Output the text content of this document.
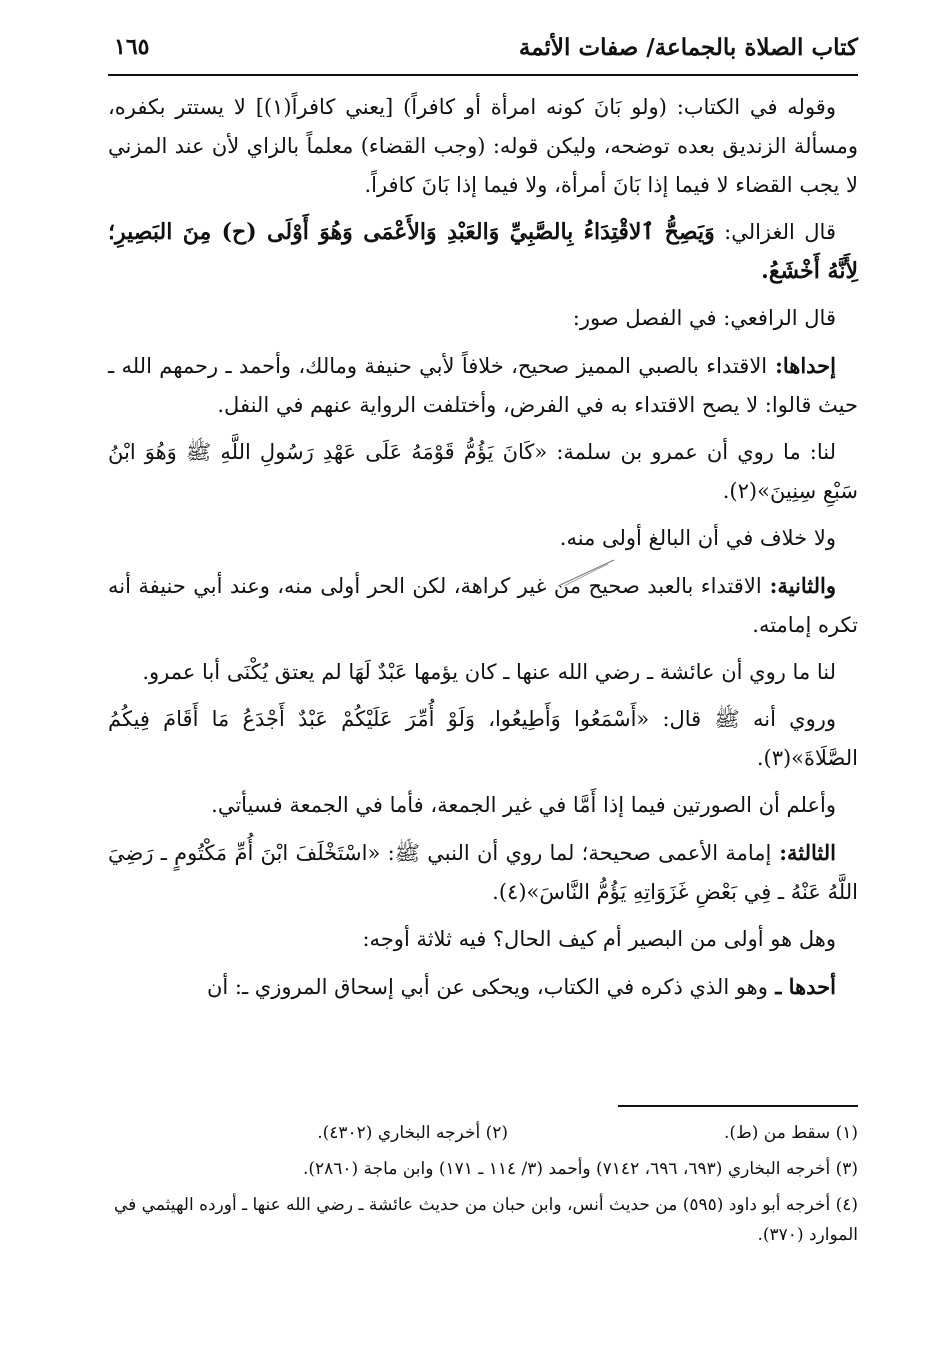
كتاب الصلاة بالجماعة/ صفات الأئمة
١٦٥

وقوله في الكتاب: (ولو بَانَ كونه امرأة أو كافراً) [يعني كافراً(١)] لا يستتر بكفره، ومسألة الزنديق بعده توضحه، وليكن قوله: (وجب القضاء) معلماً بالزاي لأن عند المزني لا يجب القضاء لا فيما إذا بَانَ أمرأة، ولا فيما إذا بَانَ كافراً.

قال الغزالي: وَيَصِحُّ ٱلاقْتِدَاءُ بِالصَّبِيِّ وَالعَبْدِ وَالأَعْمَى وَهُوَ أَوْلَى (ح) مِنَ البَصِيرِ؛ لِأَنَّهُ أَخْشَعُ.

قال الرافعي: في الفصل صور:

إحداها: الاقتداء بالصبي المميز صحيح، خلافاً لأبي حنيفة ومالك، وأحمد ـ رحمهم الله ـ حيث قالوا: لا يصح الاقتداء به في الفرض، وأختلفت الرواية عنهم في النفل.

لنا: ما روي أن عمرو بن سلمة: «كَانَ يَؤُمُّ قَوْمَهُ عَلَى عَهْدِ رَسُولِ اللَّهِ ﷺ وَهُوَ ابْنُ سَبْعِ سِنِينَ»(٢).

ولا خلاف في أن البالغ أولى منه.

والثانية: الاقتداء بالعبد صحيح من غير كراهة، لكن الحر أولى منه، وعند أبي حنيفة أنه تكره إمامته.

لنا ما روي أن عائشة ـ رضي الله عنها ـ كان يؤمها عَبْدٌ لَهَا لم يعتق يُكْنَى أبا عمرو.

وروي أنه ﷺ قال: «أَسْمَعُوا وَأَطِيعُوا، وَلَوْ أُمِّرَ عَلَيْكُمْ عَبْدٌ أَجْدَعُ مَا أَقَامَ فِيكُمُ الصَّلَاةَ»(٣).

وأعلم أن الصورتين فيما إذا أَمَّا في غير الجمعة، فأما في الجمعة فسيأتي.

الثالثة: إمامة الأعمى صحيحة؛ لما روي أن النبي ﷺ: «اسْتَخْلَفَ ابْنَ أُمِّ مَكْتُومٍ ـ رَضِيَ اللَّهُ عَنْهُ ـ فِي بَعْضِ غَزَوَاتِهِ يَؤُمُّ النَّاسَ»(٤).

وهل هو أولى من البصير أم كيف الحال؟ فيه ثلاثة أوجه:

أحدها ـ وهو الذي ذكره في الكتاب، ويحكى عن أبي إسحاق المروزي ـ: أن

(١) سقط من (ط).
(٢) أخرجه البخاري (٤٣٠٢).
(٣) أخرجه البخاري (٦٩٣، ٦٩٦، ٧١٤٢) وأحمد (٣/ ١١٤ ـ ١٧١) وابن ماجة (٢٨٦٠).
(٤) أخرجه أبو داود (٥٩٥) من حديث أنس، وابن حبان من حديث عائشة ـ رضي الله عنها ـ أورده الهيثمي في الموارد (٣٧٠).
